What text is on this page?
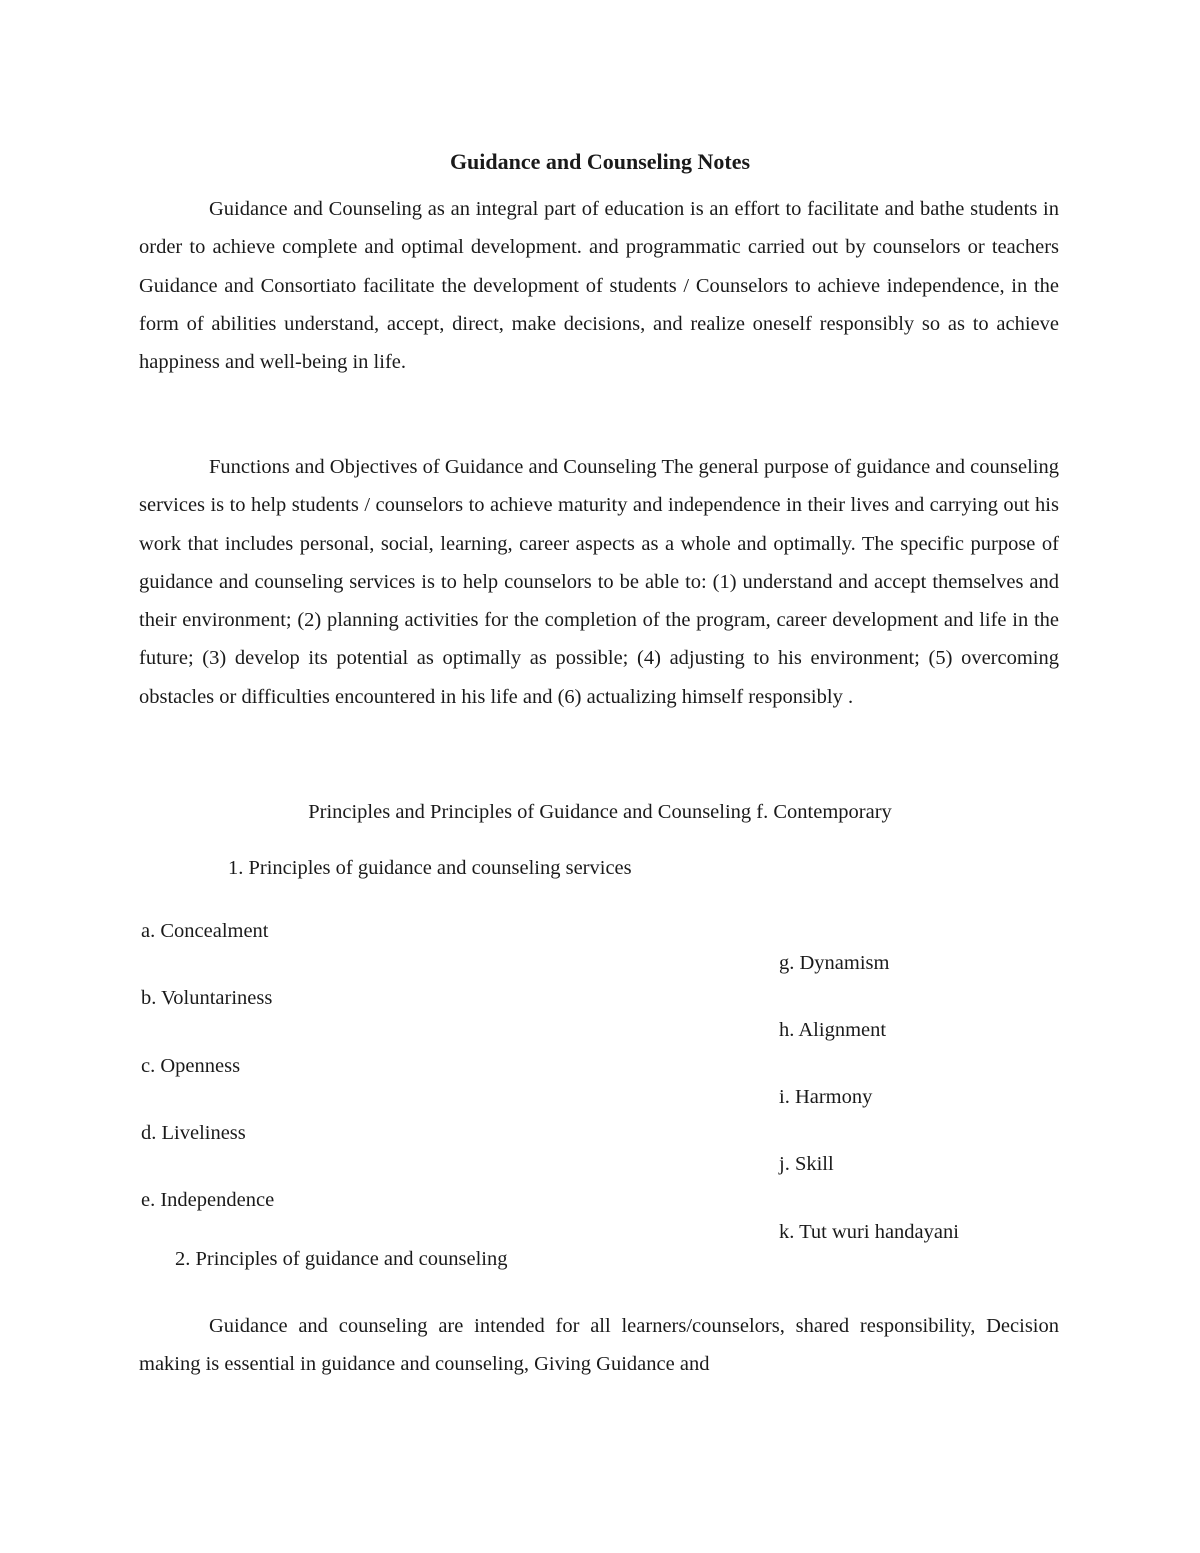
Guidance and Counseling Notes

Guidance and Counseling as an integral part of education is an effort to facilitate and bathe students in order to achieve complete and optimal development. and programmatic carried out by counselors or teachers Guidance and Consortiato facilitate the development of students / Counselors to achieve independence, in the form of abilities understand, accept, direct, make decisions, and realize oneself responsibly so as to achieve happiness and well-being in life.

Functions and Objectives of Guidance and Counseling The general purpose of guidance and counseling services is to help students / counselors to achieve maturity and independence in their lives and carrying out his work that includes personal, social, learning, career aspects as a whole and optimally. The specific purpose of guidance and counseling services is to help counselors to be able to: (1) understand and accept themselves and their environment; (2) planning activities for the completion of the program, career development and life in the future; (3) develop its potential as optimally as possible; (4) adjusting to his environment; (5) overcoming obstacles or difficulties encountered in his life and (6) actualizing himself responsibly .

Principles and Principles of Guidance and Counseling f. Contemporary

1. Principles of guidance and counseling services

a. Concealment
b. Voluntariness
c. Openness
d. Liveliness
e. Independence
g. Dynamism
h. Alignment
i. Harmony
j. Skill
k. Tut wuri handayani

2. Principles of guidance and counseling

Guidance and counseling are intended for all learners/counselors, shared responsibility, Decision making is essential in guidance and counseling, Giving Guidance and
